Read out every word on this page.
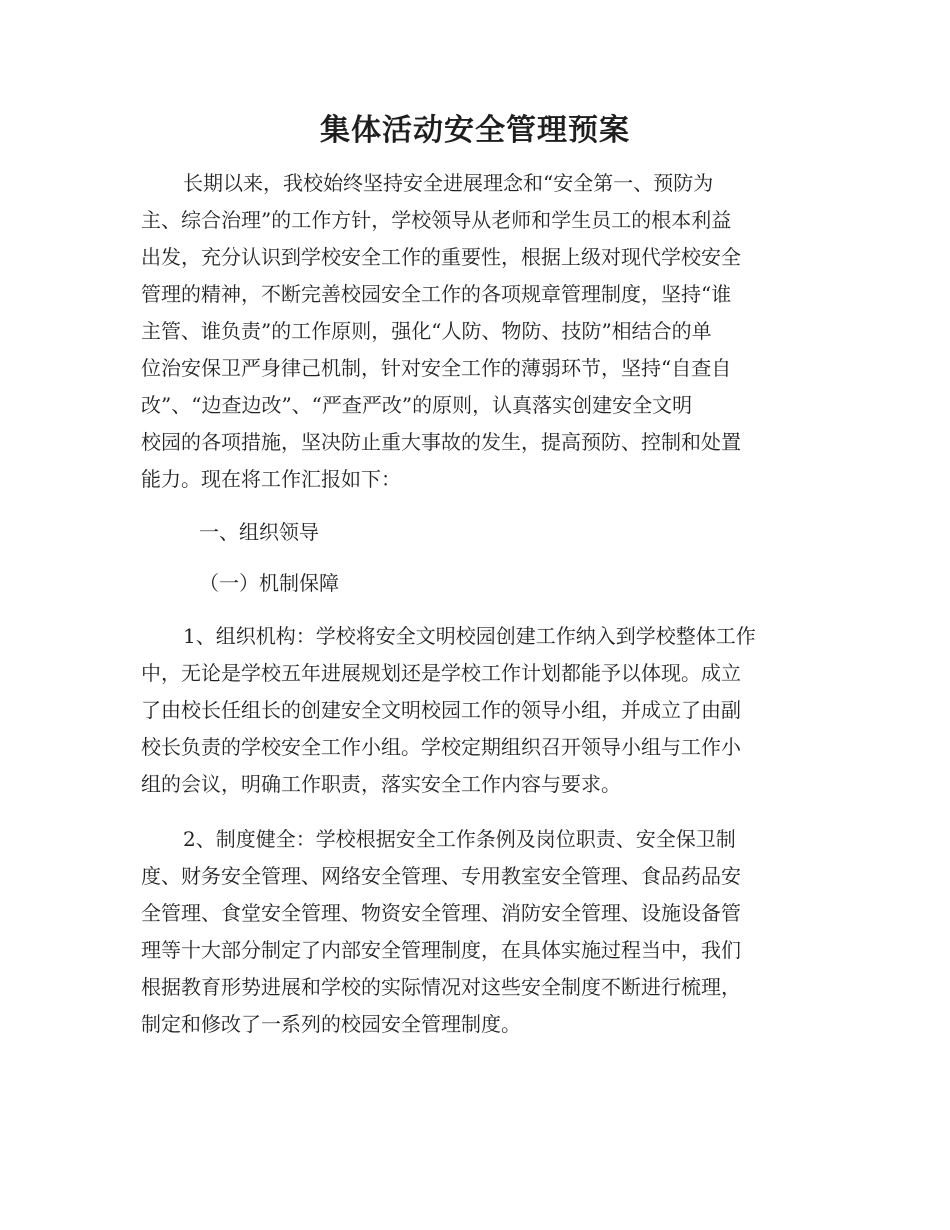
集体活动安全管理预案
长期以来，我校始终坚持安全进展理念和“安全第一、预防为
主、综合治理”的工作方针，学校领导从老师和学生员工的根本利益
出发，充分认识到学校安全工作的重要性，根据上级对现代学校安全
管理的精神，不断完善校园安全工作的各项规章管理制度，坚持“谁
主管、谁负责”的工作原则，强化“人防、物防、技防”相结合的单
位治安保卫严身律己机制，针对安全工作的薄弱环节，坚持“自查自
改”、“边查边改”、“严查严改”的原则，认真落实创建安全文明
校园的各项措施，坚决防止重大事故的发生，提高预防、控制和处置
能力。现在将工作汇报如下：
一、组织领导
（一）机制保障
1、组织机构：学校将安全文明校园创建工作纳入到学校整体工作
中，无论是学校五年进展规划还是学校工作计划都能予以体现。成立
了由校长任组长的创建安全文明校园工作的领导小组，并成立了由副
校长负责的学校安全工作小组。学校定期组织召开领导小组与工作小
组的会议，明确工作职责，落实安全工作内容与要求。
2、制度健全：学校根据安全工作条例及岗位职责、安全保卫制
度、财务安全管理、网络安全管理、专用教室安全管理、食品药品安
全管理、食堂安全管理、物资安全管理、消防安全管理、设施设备管
理等十大部分制定了内部安全管理制度，在具体实施过程当中，我们
根据教育形势进展和学校的实际情况对这些安全制度不断进行梳理，
制定和修改了一系列的校园安全管理制度。
